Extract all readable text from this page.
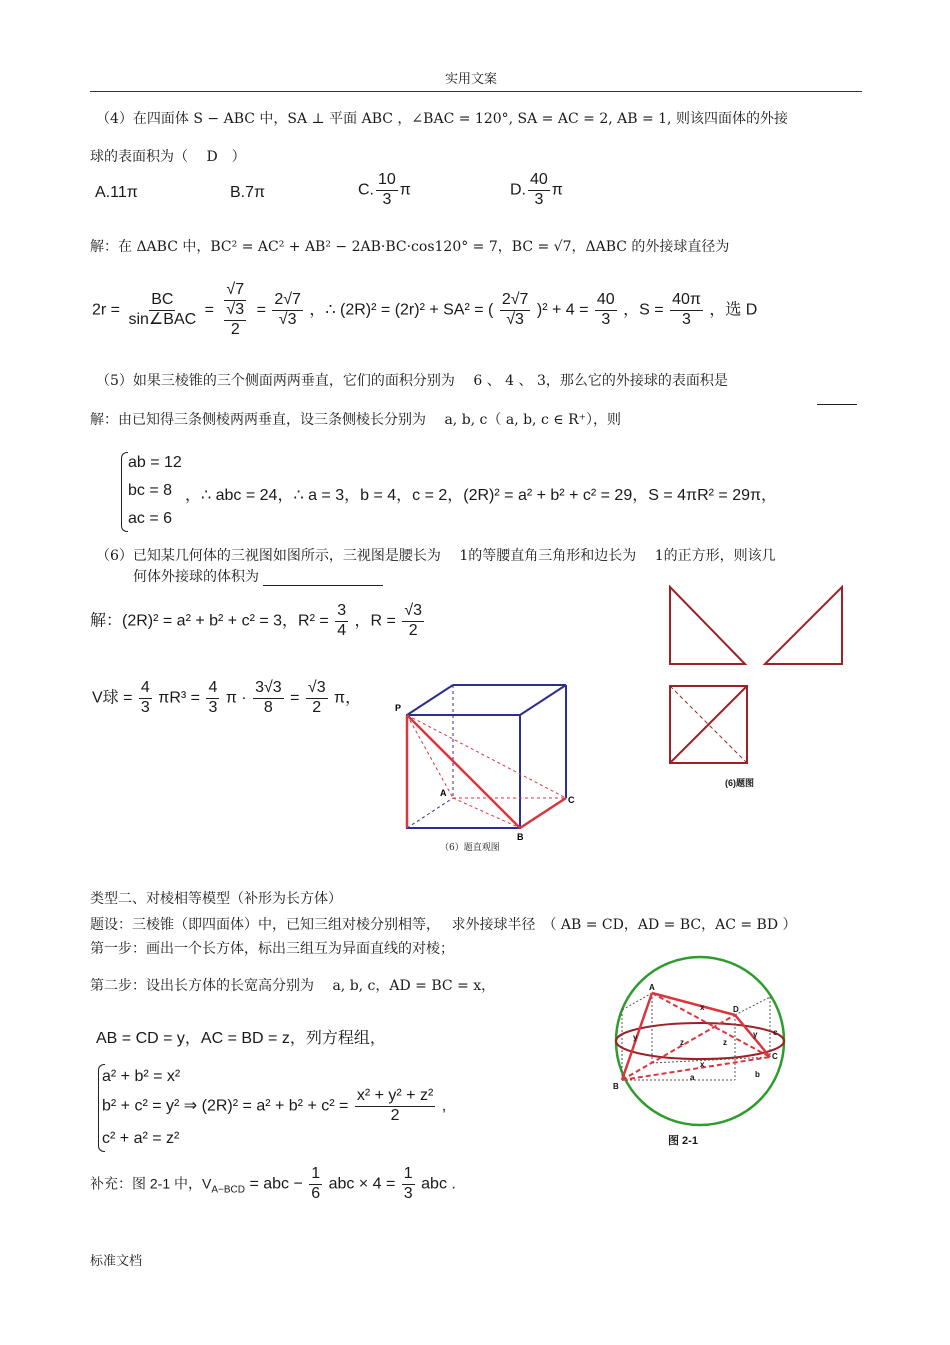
实用文案
（4）在四面体 S − ABC 中，SA ⊥ 平面 ABC ，∠BAC = 120°, SA = AC = 2, AB = 1, 则该四面体的外接
球的表面积为（　 D　）
A.11π	B.7π	C. $\frac{10}{3}$ π	D. $\frac{40}{3}$ π
解：在 ΔABC 中，BC² = AC² + AB² − 2AB·BC·cos120° = 7，BC = √7，ΔABC 的外接球直径为
$2r = \frac{BC}{\text{sin∠BAC}} = \frac{√7}{\frac{√3}{2}} = \frac{2√7}{√3}$ ，∴ (2R)² = (2r)² + SA² = ( $\frac{2√7}{√3} )^2 + 4 = \frac{40}{3}$ ，$S = \frac{40\pi}{3}$ ，选 D
（5）如果三棱锥的三个侧面两两垂直，它们的面积分别为　 6 、 4 、 3，那么它的外接球的表面积是
解：由已知得三条侧棱两两垂直，设三条侧棱长分别为　 a, b, c（ a, b, c ∈ R⁺），则
ab = 12
bc = 8
ac = 6
，∴ abc = 24，∴ a = 3，b = 4，c = 2，(2R)² = a² + b² + c² = 29，S = 4πR² = 29π，
（6）已知某几何体的三视图如图所示，三视图是腰长为　 1的等腰直角三角形和边长为　 1的正方形，则该几
何体外接球的体积为
解：(2R)² = a² + b² + c² = 3，$R^2 = \frac{3}{4}$ ，$R = \frac{√3}{2}$
V球 = $\frac{4}{3} \pi R^3 = \frac{4}{3}$ $\pi \cdot \frac{3√3}{8} = \frac{√3}{2}$ π，
P
A
B
C
（6）题直观图
(6)题图
类型二、对棱相等模型（补形为长方体）
题设：三棱锥（即四面体）中，已知三组对棱分别相等，　 求外接球半径　（ AB = CD，AD = BC，AC = BD ）
第一步：画出一个长方体，标出三组互为异面直线的对棱；
第二步：设出长方体的长宽高分别为　 a, b, c，AD = BC = x，
AB = CD = y，AC = BD = z，列方程组，
a² + b² = x²
b² + c² = y² ⇒ $(2R)^2 = a^2 + b^2 + c^2 = \frac{\text{x² + y² + z²}}{2}$ ,
c² + a² = z²
补充：图 2-1 中，$V_{A-BCD}$ = abc − $\frac{1}{6}$ abc × $4 = \frac{1}{3}$ abc .
A
B
C
D
a	b
c
x
x
y	y
z	z
图 2-1
标准文档
